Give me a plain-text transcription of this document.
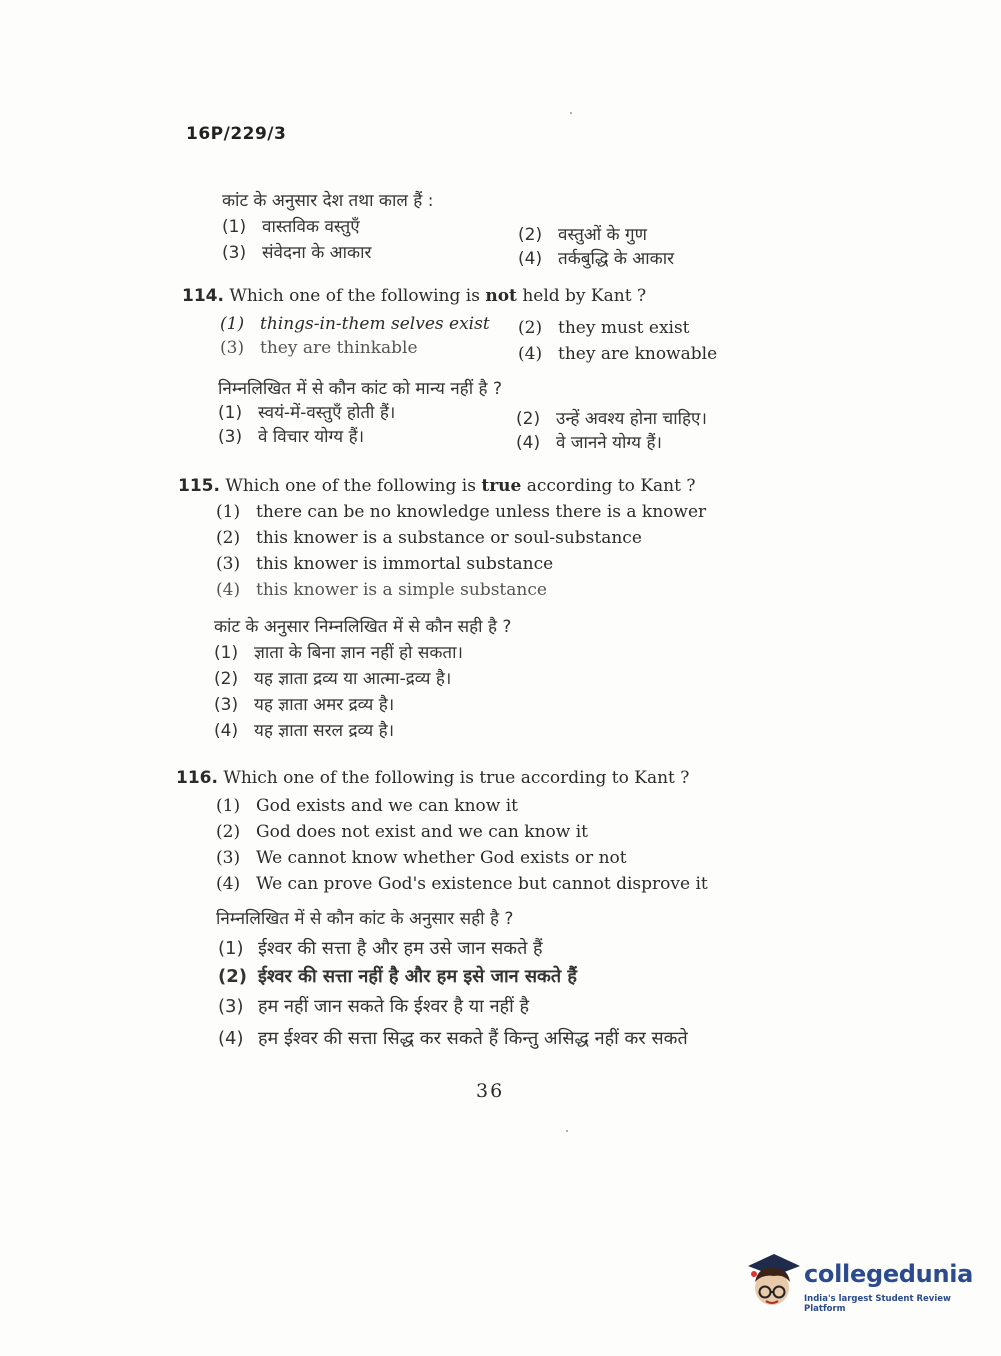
16P/229/3
कांट के अनुसार देश तथा काल हैं :
(1) वास्तविक वस्तुएँ	(2) वस्तुओं के गुण
(3) संवेदना के आकार	(4) तर्कबुद्धि के आकार
114. Which one of the following is not held by Kant ?
(1) things-in-them selves exist (2) they must exist
(3) they are thinkable	(4) they are knowable
निम्नलिखित में से कौन कांट को मान्य नहीं है ?
(1) स्वयं-में-वस्तुएँ होती हैं।	(2) उन्हें अवश्य होना चाहिए।
(3) वे विचार योग्य हैं।	(4) वे जानने योग्य हैं।
115. Which one of the following is true according to Kant ?
(1) there can be no knowledge unless there is a knower
(2) this knower is a substance or soul-substance
(3) this knower is immortal substance
(4) this knower is a simple substance
कांट के अनुसार निम्नलिखित में से कौन सही है ?
(1) ज्ञाता के बिना ज्ञान नहीं हो सकता।
(2) यह ज्ञाता द्रव्य या आत्मा-द्रव्य है।
(3) यह ज्ञाता अमर द्रव्य है।
(4) यह ज्ञाता सरल द्रव्य है।
116. Which one of the following is true according to Kant ?
(1) God exists and we can know it
(2) God does not exist and we can know it
(3) We cannot know whether God exists or not
(4) We can prove God's existence but cannot disprove it
निम्नलिखित में से कौन कांट के अनुसार सही है ?
(1) ईश्वर की सत्ता है और हम उसे जान सकते हैं
(2) ईश्वर की सत्ता नहीं है और हम इसे जान सकते हैं
(3) हम नहीं जान सकते कि ईश्वर है या नहीं है
(4) हम ईश्वर की सत्ता सिद्ध कर सकते हैं किन्तु असिद्ध नहीं कर सकते
36
collegedunia
India's largest Student Review Platform
